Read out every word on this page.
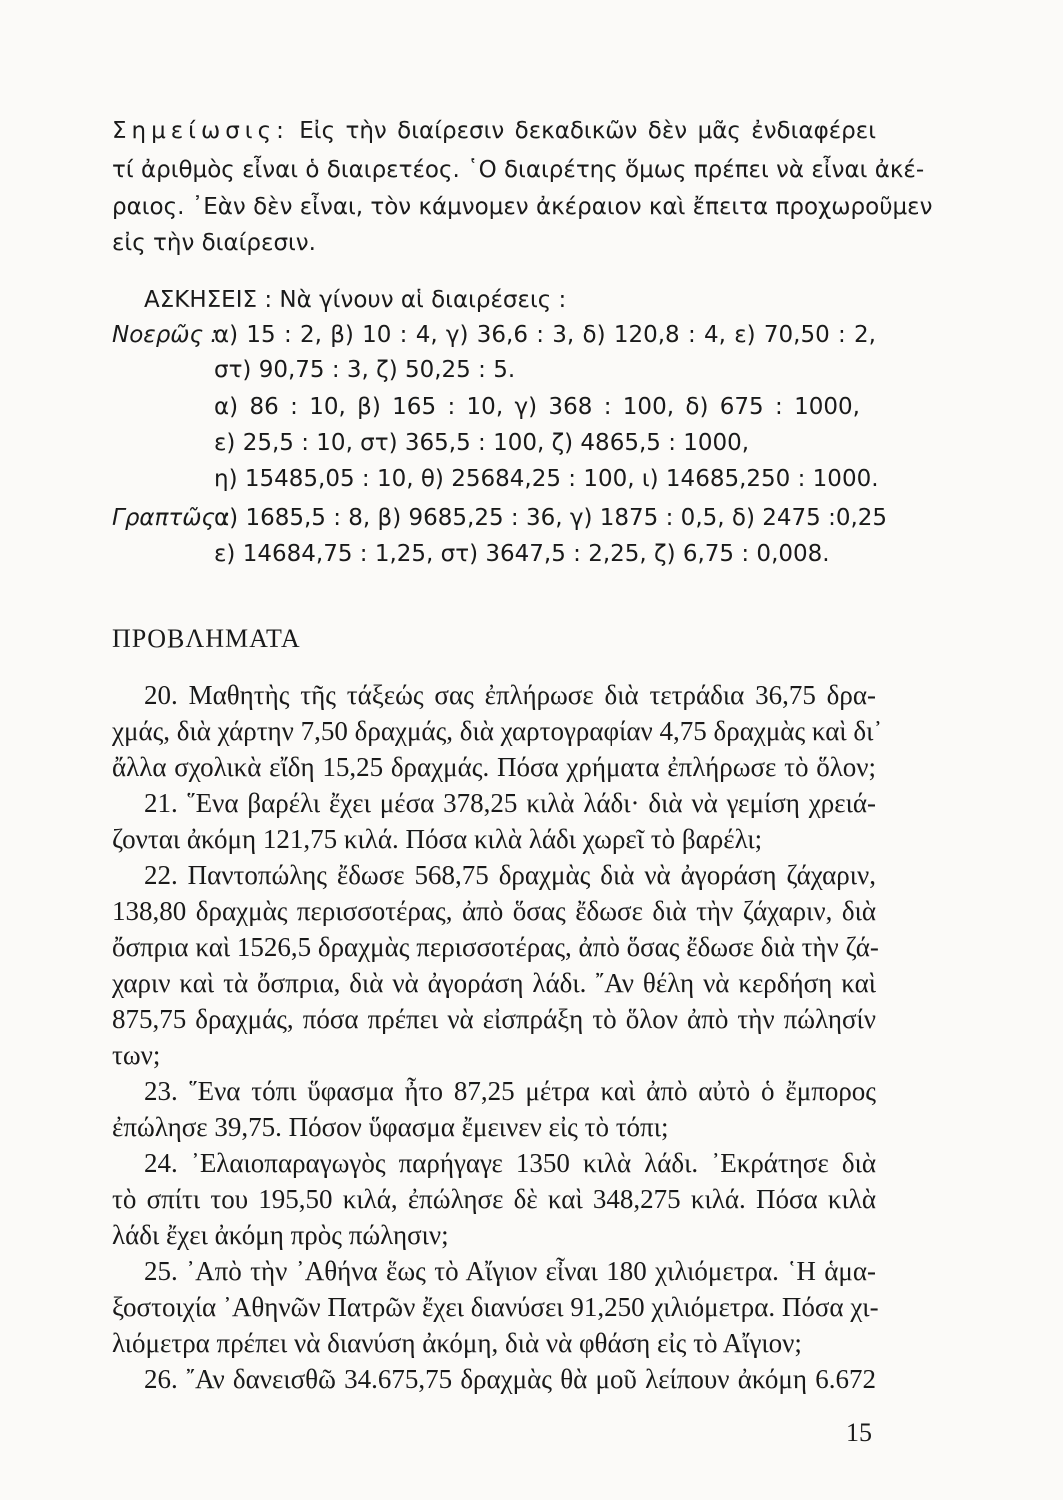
Σημείωσις: Εἰς τὴν διαίρεσιν δεκαδικῶν δὲν μᾶς ἐνδιαφέρει
τί ἀριθμὸς εἶναι ὁ διαιρετέος. ῾Ο διαιρέτης ὅμως πρέπει νὰ εἶναι ἀκέ-
ραιος. ᾿Εὰν δὲν εἶναι, τὸν κάμνομεν ἀκέραιον καὶ ἔπειτα προχωροῦμεν
εἰς τὴν διαίρεσιν.
ΑΣΚΗΣΕΙΣ : Νὰ γίνουν αἱ διαιρέσεις :
Νοερῶς :
α) 15 : 2, β) 10 : 4, γ) 36,6 : 3, δ) 120,8 : 4, ε) 70,50 : 2,
στ) 90,75 : 3, ζ) 50,25 : 5.
α) 86 : 10, β) 165 : 10, γ) 368 : 100, δ) 675 : 1000,
ε) 25,5 : 10, στ) 365,5 : 100, ζ) 4865,5 : 1000,
η) 15485,05 : 10, θ) 25684,25 : 100, ι) 14685,250 : 1000.
Γραπτῶς :
α) 1685,5 : 8, β) 9685,25 : 36, γ) 1875 : 0,5, δ) 2475 :0,25
ε) 14684,75 : 1,25, στ) 3647,5 : 2,25, ζ) 6,75 : 0,008.
ΠΡΟΒΛΗΜΑΤΑ
20. Μαθητὴς τῆς τάξεώς σας ἐπλήρωσε διὰ τετράδια 36,75 δρα-
χμάς, διὰ χάρτην 7,50 δραχμάς, διὰ χαρτογραφίαν 4,75 δραχμὰς καὶ δι᾿
ἄλλα σχολικὰ εἴδη 15,25 δραχμάς. Πόσα χρήματα ἐπλήρωσε τὸ ὅλον;
21. ῞Ενα βαρέλι ἔχει μέσα 378,25 κιλὰ λάδι· διὰ νὰ γεμίση χρειά-
ζονται ἀκόμη 121,75 κιλά. Πόσα κιλὰ λάδι χωρεῖ τὸ βαρέλι;
22. Παντοπώλης ἔδωσε 568,75 δραχμὰς διὰ νὰ ἀγοράση ζάχαριν,
138,80 δραχμὰς περισσοτέρας, ἀπὸ ὅσας ἔδωσε διὰ τὴν ζάχαριν, διὰ
ὄσπρια καὶ 1526,5 δραχμὰς περισσοτέρας, ἀπὸ ὅσας ἔδωσε διὰ τὴν ζά-
χαριν καὶ τὰ ὄσπρια, διὰ νὰ ἀγοράση λάδι. ῎Αν θέλη νὰ κερδήση καὶ
875,75 δραχμάς, πόσα πρέπει νὰ εἰσπράξη τὸ ὅλον ἀπὸ τὴν πώλησίν
των;
23. ῞Ενα τόπι ὕφασμα ἦτο 87,25 μέτρα καὶ ἀπὸ αὐτὸ ὁ ἔμπορος
ἐπώλησε 39,75. Πόσον ὕφασμα ἔμεινεν εἰς τὸ τόπι;
24. ᾿Ελαιοπαραγωγὸς παρήγαγε 1350 κιλὰ λάδι. ᾿Εκράτησε διὰ
τὸ σπίτι του 195,50 κιλά, ἐπώλησε δὲ καὶ 348,275 κιλά. Πόσα κιλὰ
λάδι ἔχει ἀκόμη πρὸς πώλησιν;
25. ᾿Απὸ τὴν ᾿Αθήνα ἕως τὸ Αἴγιον εἶναι 180 χιλιόμετρα. ῾Η ἁμα-
ξοστοιχία ᾿Αθηνῶν Πατρῶν ἔχει διανύσει 91,250 χιλιόμετρα. Πόσα χι-
λιόμετρα πρέπει νὰ διανύση ἀκόμη, διὰ νὰ φθάση εἰς τὸ Αἴγιον;
26. ῎Αν δανεισθῶ 34.675,75 δραχμὰς θὰ μοῦ λείπουν ἀκόμη 6.672
15
